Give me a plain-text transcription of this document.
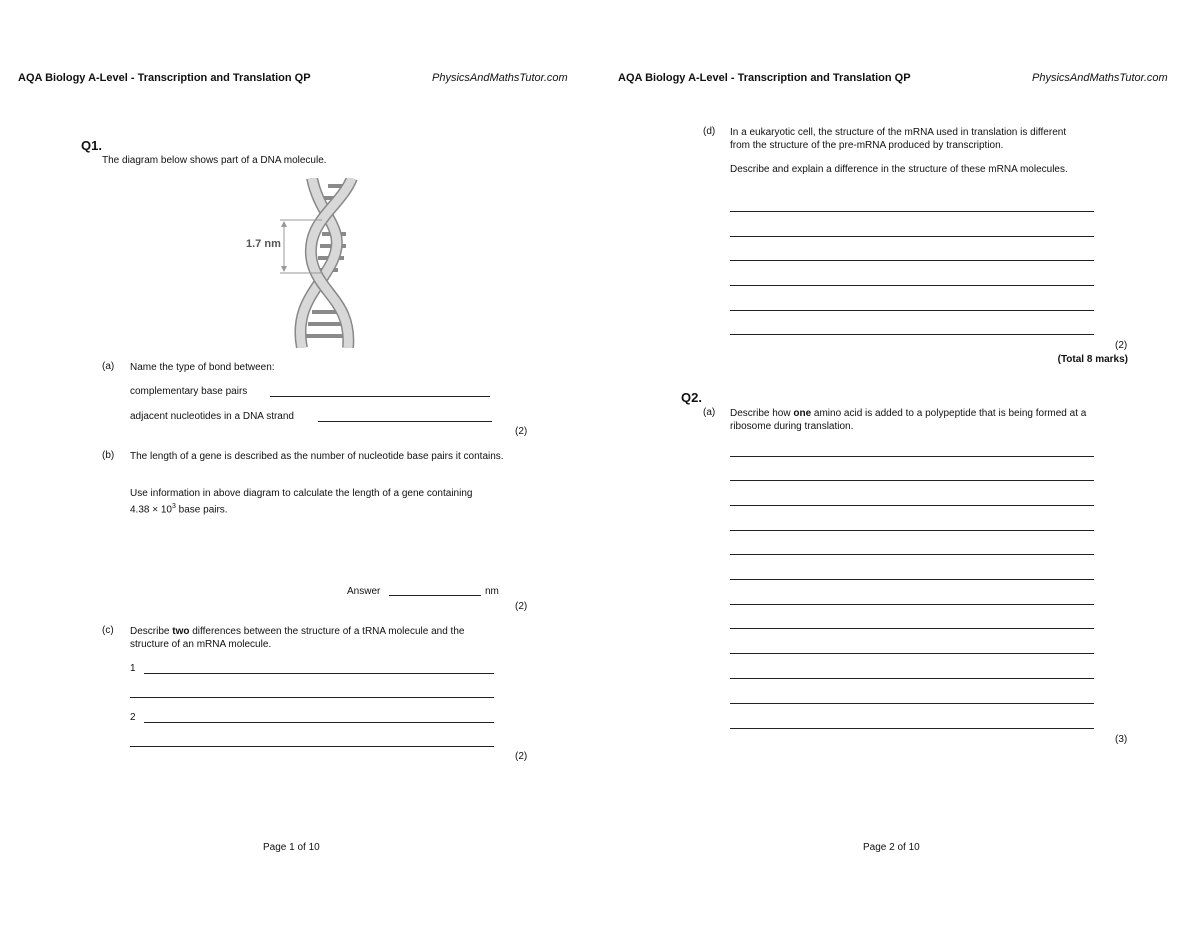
AQA Biology A-Level - Transcription and Translation QP	PhysicsAndMathsTutor.com
Q1.
The diagram below shows part of a DNA molecule.
1.7 nm
(a) Name the type of bond between:
complementary base pairs
adjacent nucleotides in a DNA strand
(2)
(b) The length of a gene is described as the number of nucleotide base pairs it contains.
Use information in above diagram to calculate the length of a gene containing $4.38 \times 10^3$ base pairs.
Answer	nm
(2)
(c) Describe two differences between the structure of a tRNA molecule and the structure of an mRNA molecule.
1
2
(2)
Page 1 of 10
AQA Biology A-Level - Transcription and Translation QP	PhysicsAndMathsTutor.com
(d) In a eukaryotic cell, the structure of the mRNA used in translation is different from the structure of the pre-mRNA produced by transcription.
Describe and explain a difference in the structure of these mRNA molecules.
(2)
(Total 8 marks)
Q2.
(a) Describe how one amino acid is added to a polypeptide that is being formed at a ribosome during translation.
(3)
Page 2 of 10
